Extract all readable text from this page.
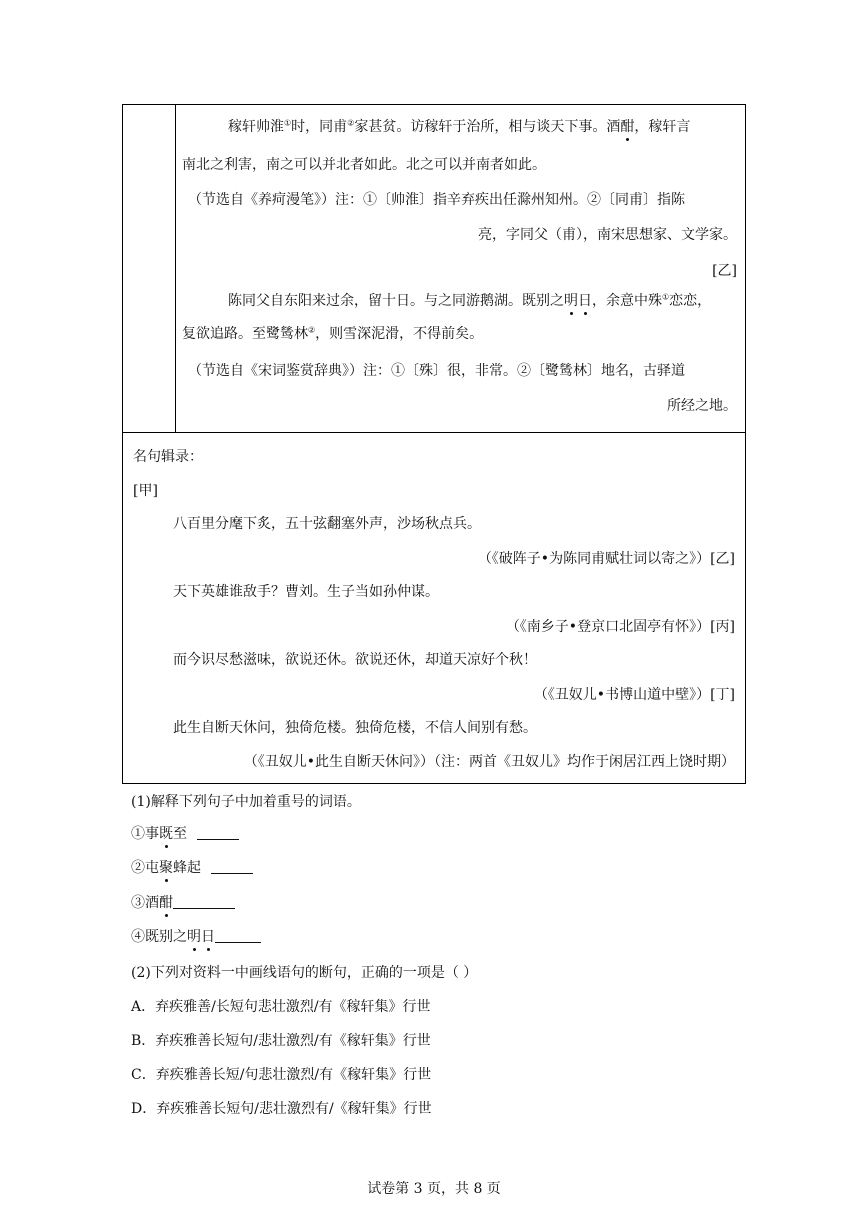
稼轩帅淮①时，同甫②家甚贫。访稼轩于治所，相与谈天下事。酒酣，稼轩言
南北之利害，南之可以并北者如此。北之可以并南者如此。
（节选自《养疴漫笔》）注：①〔帅淮〕指辛弃疾出任滁州知州。②〔同甫〕指陈
亮，字同父（甫），南宋思想家、文学家。
[乙]
陈同父自东阳来过余，留十日。与之同游鹅湖。既别之明日，余意中殊①恋恋，
复欲追路。至鹭鸶林②，则雪深泥滑，不得前矣。
（节选自《宋词鉴赏辞典》）注：①〔殊〕很，非常。②〔鹭鸶林〕地名，古驿道
所经之地。
名句辑录：
[甲]
八百里分麾下炙，五十弦翻塞外声，沙场秋点兵。
（《破阵子•为陈同甫赋壮词以寄之》）[乙]
天下英雄谁敌手？曹刘。生子当如孙仲谋。
（《南乡子•登京口北固亭有怀》）[丙]
而今识尽愁滋味，欲说还休。欲说还休，却道天凉好个秋！
（《丑奴儿•书博山道中壁》）[丁]
此生自断天休问，独倚危楼。独倚危楼，不信人间别有愁。
（《丑奴儿•此生自断天休问》）（注：两首《丑奴儿》均作于闲居江西上饶时期）
(1)解释下列句子中加着重号的词语。
①事既至
②屯聚蜂起
③酒酣
④既别之明日
(2)下列对资料一中画线语句的断句，正确的一项是（ ）
A．弃疾雅善/长短句悲壮激烈/有《稼轩集》行世
B．弃疾雅善长短句/悲壮激烈/有《稼轩集》行世
C．弃疾雅善长短/句悲壮激烈/有《稼轩集》行世
D．弃疾雅善长短句/悲壮激烈有/《稼轩集》行世
试卷第 3 页，共 8 页
